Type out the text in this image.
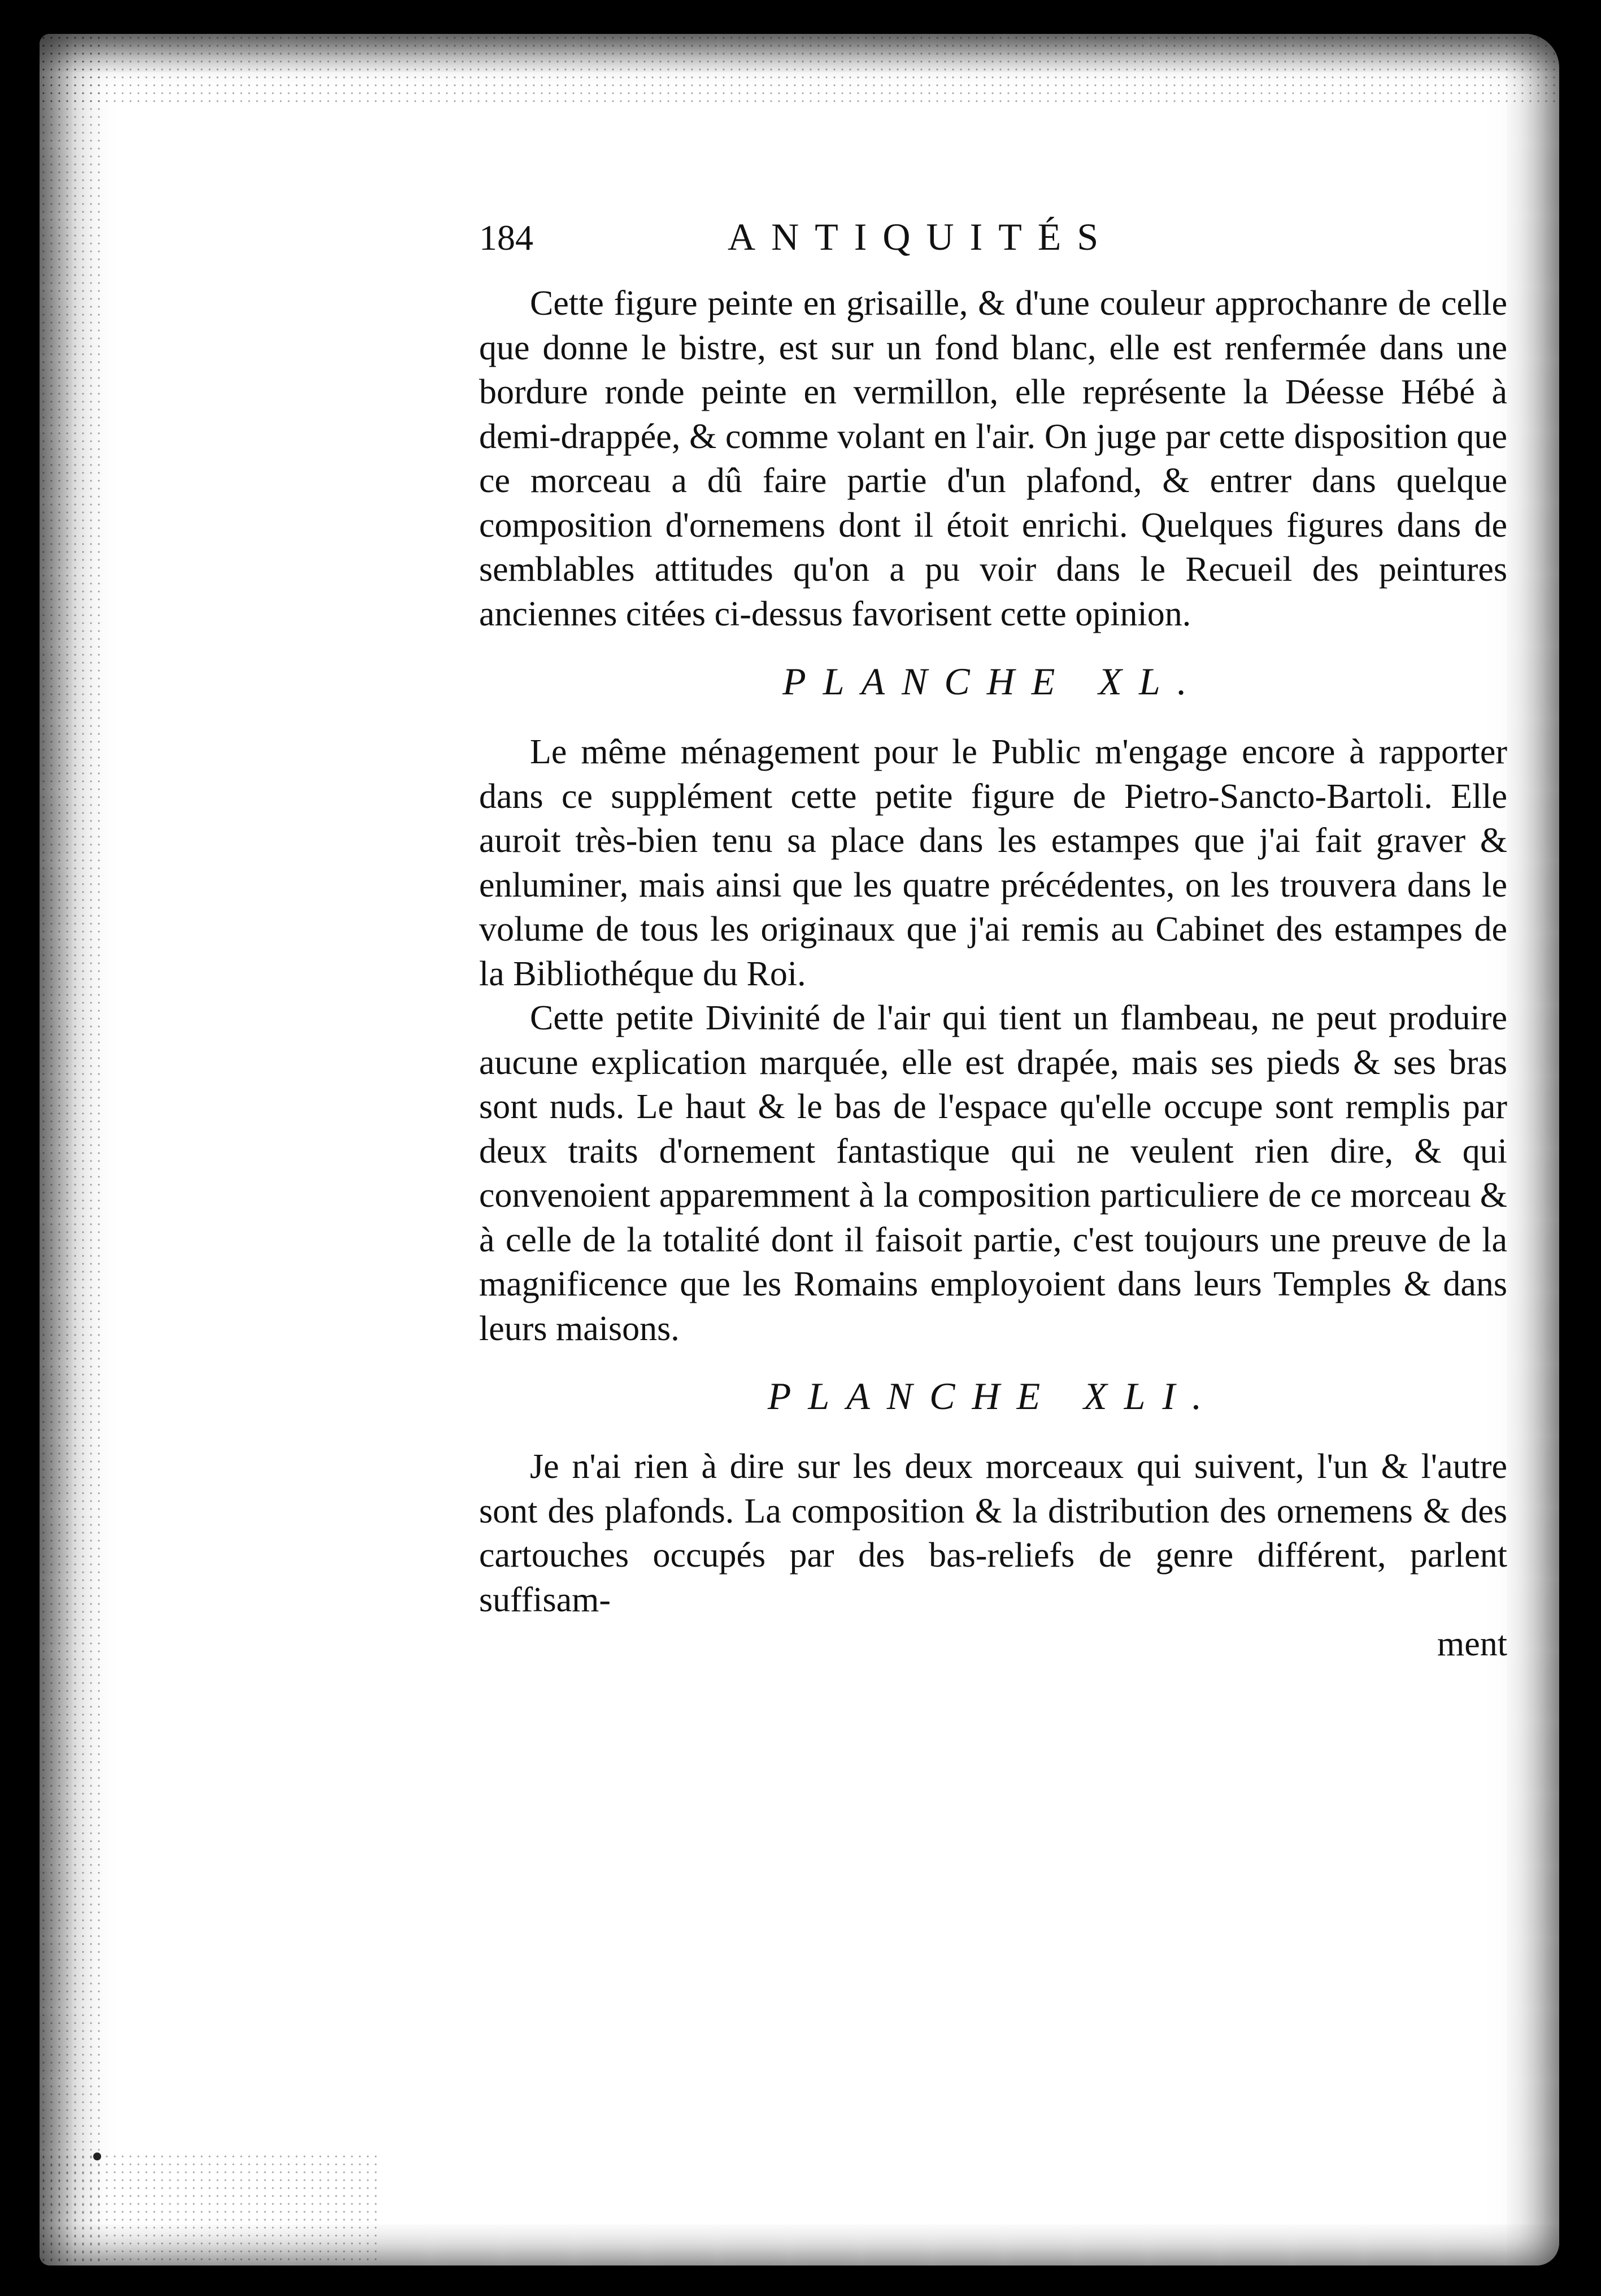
184	ANTIQUITÉS

Cette figure peinte en grisaille, & d'une couleur approchanre de celle que donne le bistre, est sur un fond blanc, elle est renfermée dans une bordure ronde peinte en vermillon, elle représente la Déesse Hébé à demi-drappée, & comme volant en l'air. On juge par cette disposition que ce morceau a dû faire partie d'un plafond, & entrer dans quelque composition d'ornemens dont il étoit enrichi. Quelques figures dans de semblables attitudes qu'on a pu voir dans le Recueil des peintures anciennes citées ci-dessus favorisent cette opinion.

PLANCHE XL.

Le même ménagement pour le Public m'engage encore à rapporter dans ce supplément cette petite figure de Pietro-Sancto-Bartoli. Elle auroit très-bien tenu sa place dans les estampes que j'ai fait graver & enluminer, mais ainsi que les quatre précédentes, on les trouvera dans le volume de tous les originaux que j'ai remis au Cabinet des estampes de la Bibliothéque du Roi.

Cette petite Divinité de l'air qui tient un flambeau, ne peut produire aucune explication marquée, elle est drapée, mais ses pieds & ses bras sont nuds. Le haut & le bas de l'espace qu'elle occupe sont remplis par deux traits d'ornement fantastique qui ne veulent rien dire, & qui convenoient apparemment à la composition particuliere de ce morceau & à celle de la totalité dont il faisoit partie, c'est toujours une preuve de la magnificence que les Romains employoient dans leurs Temples & dans leurs maisons.

PLANCHE XLI.

Je n'ai rien à dire sur les deux morceaux qui suivent, l'un & l'autre sont des plafonds. La composition & la distribution des ornemens & des cartouches occupés par des bas-reliefs de genre différent, parlent suffisam-

ment
